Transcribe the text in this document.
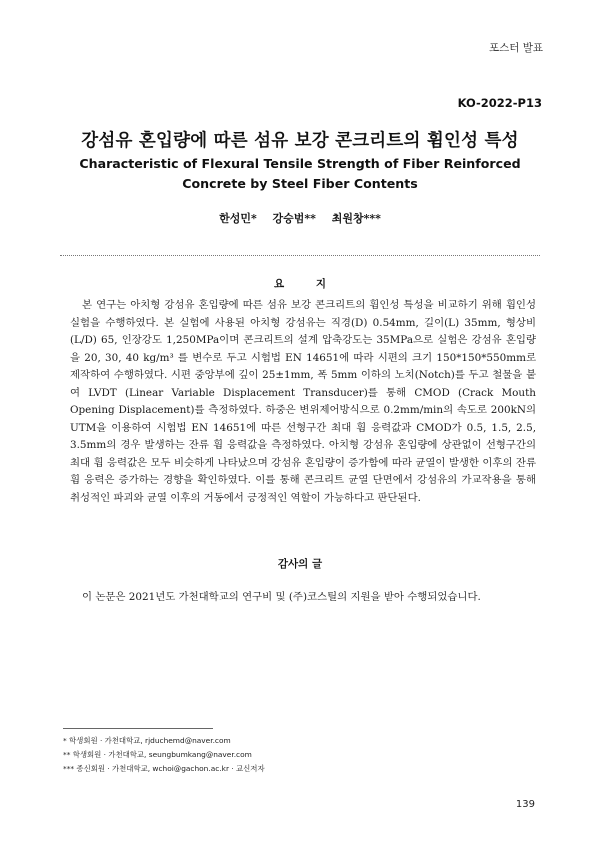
포스터 발표
KO-2022-P13
강섬유 혼입량에 따른 섬유 보강 콘크리트의 휨인성 특성
Characteristic of Flexural Tensile Strength of Fiber Reinforced Concrete by Steel Fiber Contents
한성민* 강승범** 최원창***
요 지
본 연구는 아치형 강섬유 혼입량에 따른 섬유 보강 콘크리트의 휨인성 특성을 비교하기 위해 휨인성 실험을 수행하였다. 본 실험에 사용된 아치형 강섬유는 직경(D) 0.54mm, 길이(L) 35mm, 형상비(L/D) 65, 인장강도 1,250MPa이며 콘크리트의 설계 압축강도는 35MPa으로 실험은 강섬유 혼입량을 20, 30, 40 kg/m³ 를 변수로 두고 시험법 EN 14651에 따라 시편의 크기 150*150*550mm로 제작하여 수행하였다. 시편 중앙부에 깊이 25±1mm, 폭 5mm 이하의 노치(Notch)를 두고 철물을 붙여 LVDT (Linear Variable Displacement Transducer)를 통해 CMOD (Crack Mouth Opening Displacement)를 측정하였다. 하중은 변위제어방식으로 0.2mm/min의 속도로 200kN의 UTM을 이용하여 시험법 EN 14651에 따른 선형구간 최대 휨 응력값과 CMOD가 0.5, 1.5, 2.5, 3.5mm의 경우 발생하는 잔류 휨 응력값을 측정하였다. 아치형 강섬유 혼입량에 상관없이 선형구간의 최대 휨 응력값은 모두 비슷하게 나타났으며 강섬유 혼입량이 증가함에 따라 균열이 발생한 이후의 잔류 휨 응력은 증가하는 경향을 확인하였다. 이를 통해 콘크리트 균열 단면에서 강섬유의 가교작용을 통해 취성적인 파괴와 균열 이후의 거동에서 긍정적인 역할이 가능하다고 판단된다.
감사의 글
이 논문은 2021년도 가천대학교의 연구비 및 (주)코스틸의 지원을 받아 수행되었습니다.
* 학생회원 · 가천대학교, rjduchemd@naver.com
** 학생회원 · 가천대학교, seungbumkang@naver.com
*** 종신회원 · 가천대학교, wchoi@gachon.ac.kr · 교신저자
139
